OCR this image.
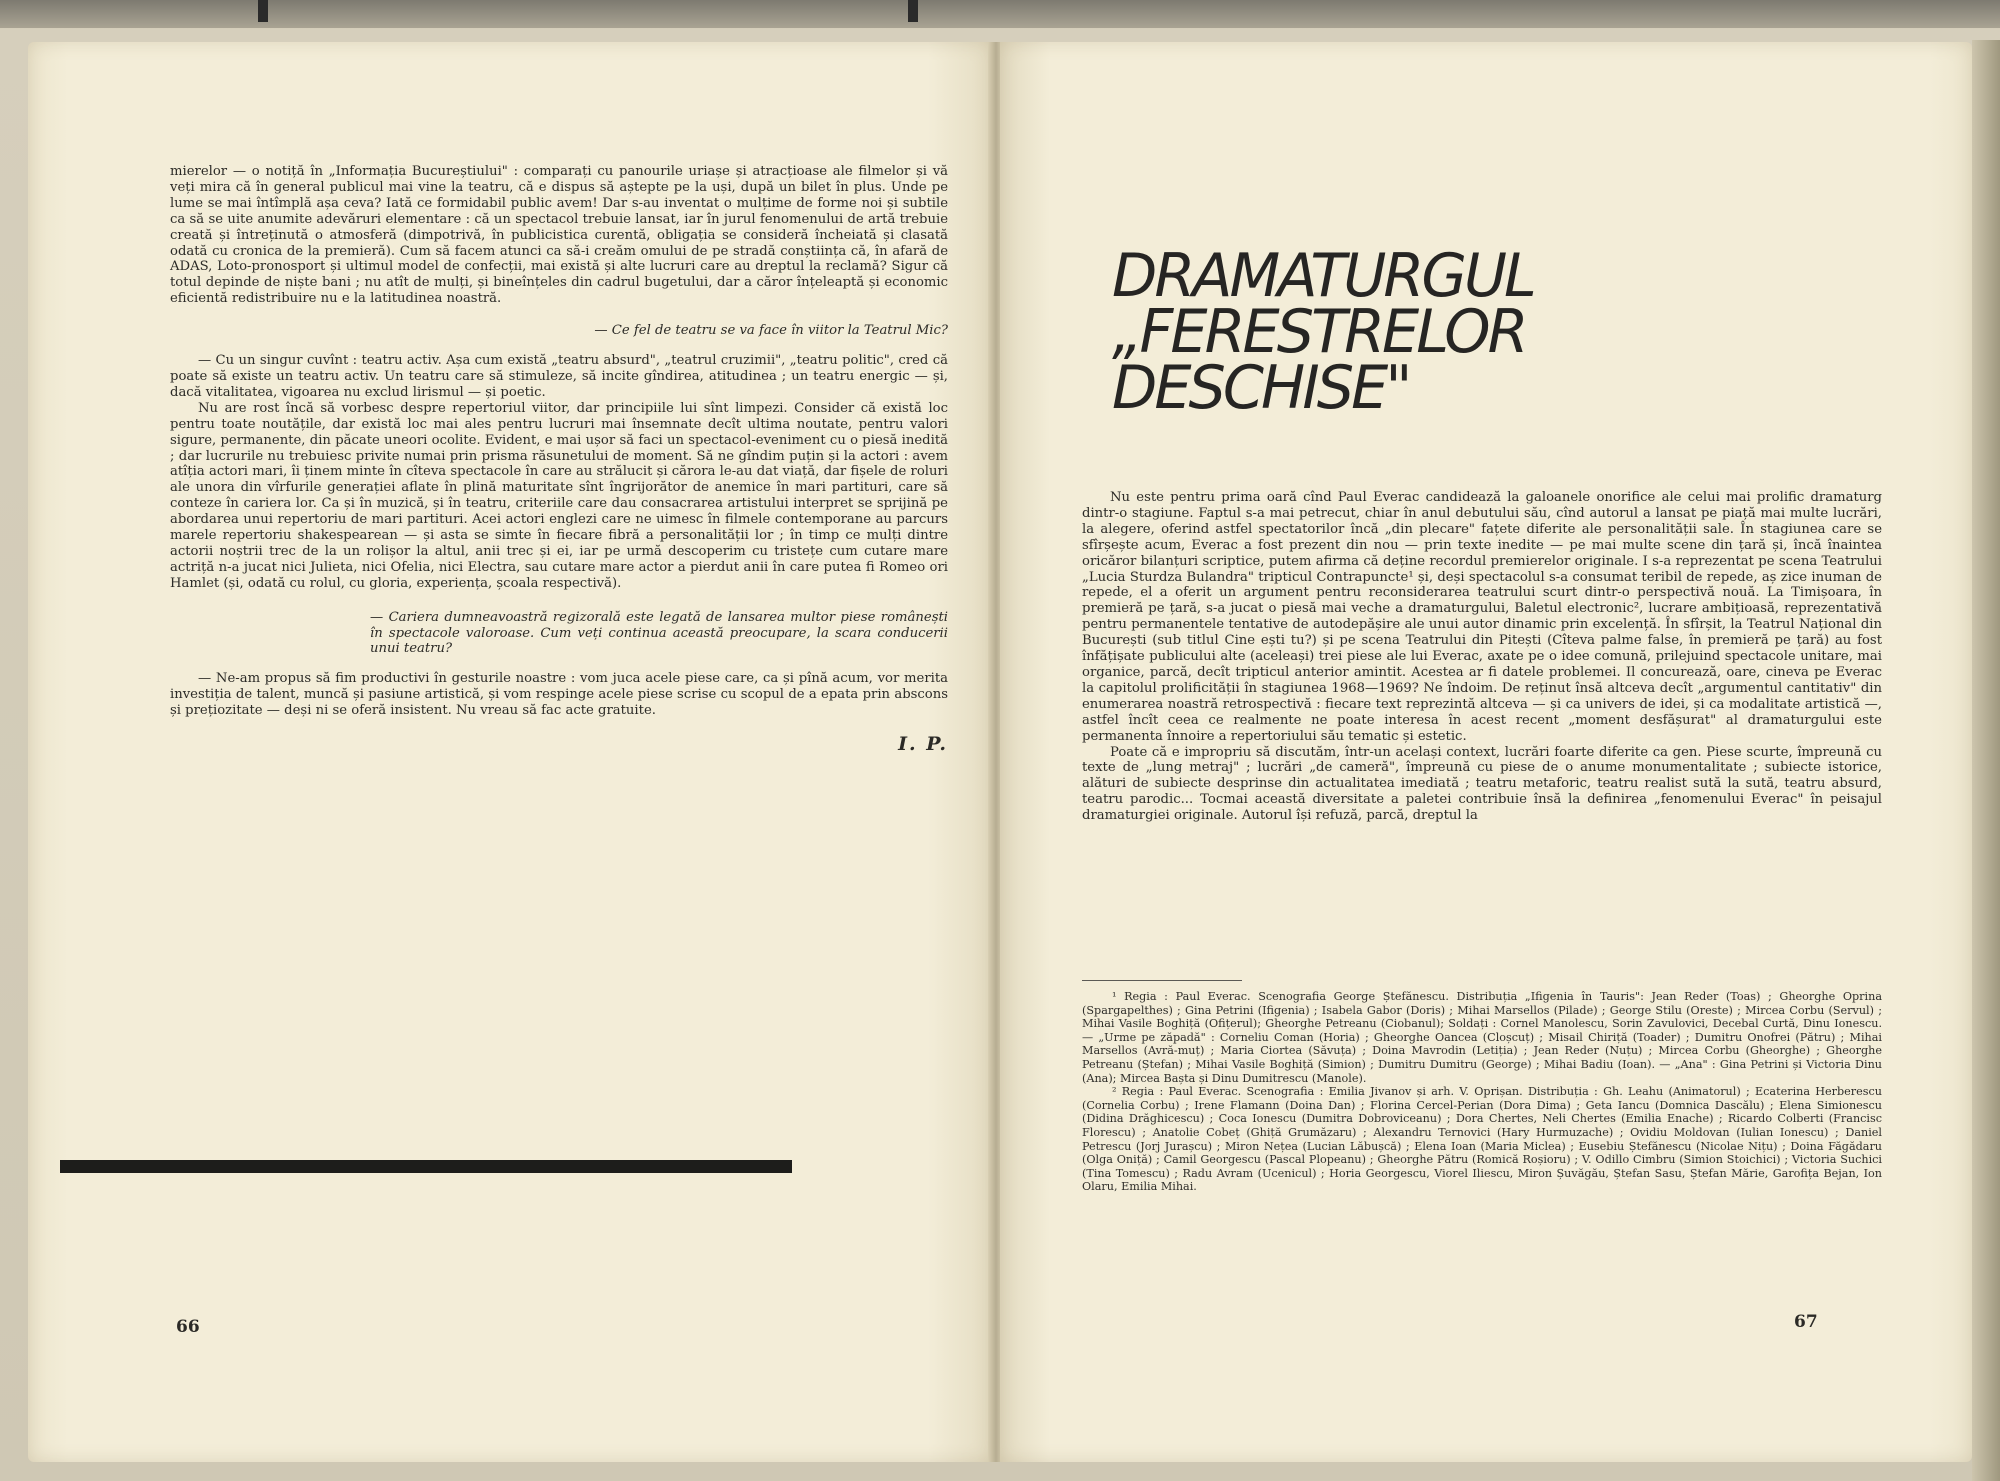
mierelor — o notiță în „Informația Bucureștiului" : comparați cu panourile uriașe și atracțioase ale filmelor și vă veți mira că în general publicul mai vine la teatru, că e dispus să aștepte pe la uși, după un bilet în plus. Unde pe lume se mai întîmplă așa ceva? Iată ce formidabil public avem! Dar s-au inventat o mulțime de forme noi și subtile ca să se uite anumite adevăruri elementare : că un spectacol trebuie lansat, iar în jurul fenomenului de artă trebuie creată și întreținută o atmosferă (dimpotrivă, în publicistica curentă, obligația se consideră încheiată și clasată odată cu cronica de la premieră). Cum să facem atunci ca să-i creăm omului de pe stradă conștiința că, în afară de ADAS, Loto-pronosport și ultimul model de confecții, mai există și alte lucruri care au dreptul la reclamă? Sigur că totul depinde de niște bani ; nu atît de mulți, și bineînțeles din cadrul bugetului, dar a căror înțeleaptă și economic eficientă redistribuire nu e la latitudinea noastră.

— Ce fel de teatru se va face în viitor la Teatrul Mic?

— Cu un singur cuvînt : teatru activ. Așa cum există „teatru absurd", „teatrul cruzimii", „teatru politic", cred că poate să existe un teatru activ. Un teatru care să stimuleze, să incite gîndirea, atitudinea ; un teatru energic — și, dacă vitalitatea, vigoarea nu exclud lirismul — și poetic.

Nu are rost încă să vorbesc despre repertoriul viitor, dar principiile lui sînt limpezi. Consider că există loc pentru toate noutățile, dar există loc mai ales pentru lucruri mai însemnate decît ultima noutate, pentru valori sigure, permanente, din păcate uneori ocolite. Evident, e mai ușor să faci un spectacol-eveniment cu o piesă inedită ; dar lucrurile nu trebuiesc privite numai prin prisma răsunetului de moment. Să ne gîndim puțin și la actori : avem atîția actori mari, îi ținem minte în cîteva spectacole în care au strălucit și cărora le-au dat viață, dar fișele de roluri ale unora din vîrfurile generației aflate în plină maturitate sînt îngrijorător de anemice în mari partituri, care să conteze în cariera lor. Ca și în muzică, și în teatru, criteriile care dau consacrarea artistului interpret se sprijină pe abordarea unui repertoriu de mari partituri. Acei actori englezi care ne uimesc în filmele contemporane au parcurs marele repertoriu shakespearean — și asta se simte în fiecare fibră a personalității lor ; în timp ce mulți dintre actorii noștrii trec de la un rolișor la altul, anii trec și ei, iar pe urmă descoperim cu tristețe cum cutare mare actriță n-a jucat nici Julieta, nici Ofelia, nici Electra, sau cutare mare actor a pierdut anii în care putea fi Romeo ori Hamlet (și, odată cu rolul, cu gloria, experiența, școala respectivă).

— Cariera dumneavoastră regizorală este legată de lansarea multor piese românești în spectacole valoroase. Cum veți continua această preocupare, la scara conducerii unui teatru?

— Ne-am propus să fim productivi în gesturile noastre : vom juca acele piese care, ca și pînă acum, vor merita investiția de talent, muncă și pasiune artistică, și vom respinge acele piese scrise cu scopul de a epata prin abscons și prețiozitate — deși ni se oferă insistent. Nu vreau să fac acte gratuite.

I. P.
66	67
DRAMATURGUL
„FERESTRELOR
DESCHISE"

Nu este pentru prima oară cînd Paul Everac candidează la galoanele onorifice ale celui mai prolific dramaturg dintr-o stagiune. Faptul s-a mai petrecut, chiar în anul debutului său, cînd autorul a lansat pe piață mai multe lucrări, la alegere, oferind astfel spectatorilor încă „din plecare" fațete diferite ale personalității sale. În stagiunea care se sfîrșește acum, Everac a fost prezent din nou — prin texte inedite — pe mai multe scene din țară și, încă înaintea oricăror bilanțuri scriptice, putem afirma că deține recordul premierelor originale. I s-a reprezentat pe scena Teatrului „Lucia Sturdza Bulandra" tripticul Contrapuncte¹ și, deși spectacolul s-a consumat teribil de repede, aș zice inuman de repede, el a oferit un argument pentru reconsiderarea teatrului scurt dintr-o perspectivă nouă. La Timișoara, în premieră pe țară, s-a jucat o piesă mai veche a dramaturgului, Baletul electronic², lucrare ambițioasă, reprezentativă pentru permanentele tentative de autodepășire ale unui autor dinamic prin excelență. În sfîrșit, la Teatrul Național din București (sub titlul Cine ești tu?) și pe scena Teatrului din Pitești (Cîteva palme false, în premieră pe țară) au fost înfățișate publicului alte (aceleași) trei piese ale lui Everac, axate pe o idee comună, prilejuind spectacole unitare, mai organice, parcă, decît tripticul anterior amintit. Acestea ar fi datele problemei. Il concurează, oare, cineva pe Everac la capitolul prolificității în stagiunea 1968—1969? Ne îndoim. De reținut însă altceva decît „argumentul cantitativ" din enumerarea noastră retrospectivă : fiecare text reprezintă altceva — și ca univers de idei, și ca modalitate artistică —, astfel încît ceea ce realmente ne poate interesa în acest recent „moment desfășurat" al dramaturgului este permanenta înnoire a repertoriului său tematic și estetic.

Poate că e impropriu să discutăm, într-un același context, lucrări foarte diferite ca gen. Piese scurte, împreună cu texte de „lung metraj" ; lucrări „de cameră", împreună cu piese de o anume monumentalitate ; subiecte istorice, alături de subiecte desprinse din actualitatea imediată ; teatru metaforic, teatru realist sută la sută, teatru absurd, teatru parodic... Tocmai această diversitate a paletei contribuie însă la definirea „fenomenului Everac" în peisajul dramaturgiei originale. Autorul își refuză, parcă, dreptul la

¹ Regia : Paul Everac. Scenografia George Ștefănescu. Distribuția „Ifigenia în Tauris": Jean Reder (Toas) ; Gheorghe Oprina (Spargapelthes) ; Gina Petrini (Ifigenia) ; Isabela Gabor (Doris) ; Mihai Marsellos (Pilade) ; George Stilu (Oreste) ; Mircea Corbu (Servul) ; Mihai Vasile Boghiță (Ofițerul); Gheorghe Petreanu (Ciobanul); Soldați : Cornel Manolescu, Sorin Zavulovici, Decebal Curtă, Dinu Ionescu. — „Urme pe zăpadă" : Corneliu Coman (Horia) ; Gheorghe Oancea (Cloșcuț) ; Misail Chiriță (Toader) ; Dumitru Onofrei (Pătru) ; Mihai Marsellos (Avră-muț) ; Maria Ciortea (Săvuța) ; Doina Mavrodin (Letiția) ; Jean Reder (Nuțu) ; Mircea Corbu (Gheorghe) ; Gheorghe Petreanu (Ștefan) ; Mihai Vasile Boghiță (Simion) ; Dumitru Dumitru (George) ; Mihai Badiu (Ioan). — „Ana" : Gina Petrini și Victoria Dinu (Ana); Mircea Bașta și Dinu Dumitrescu (Manole).

² Regia : Paul Everac. Scenografia : Emilia Jivanov și arh. V. Oprișan. Distribuția : Gh. Leahu (Animatorul) ; Ecaterina Herberescu (Cornelia Corbu) ; Irene Flamann (Doina Dan) ; Florina Cercel-Perian (Dora Dima) ; Geta Iancu (Domnica Dascălu) ; Elena Simionescu (Didina Drăghicescu) ; Coca Ionescu (Dumitra Dobroviceanu) ; Dora Chertes, Neli Chertes (Emilia Enache) ; Ricardo Colberti (Francisc Florescu) ; Anatolie Cobeț (Ghiță Grumăzaru) ; Alexandru Ternovici (Hary Hurmuzache) ; Ovidiu Moldovan (Iulian Ionescu) ; Daniel Petrescu (Jorj Jurașcu) ; Miron Nețea (Lucian Lăbușcă) ; Elena Ioan (Maria Miclea) ; Eusebiu Ștefănescu (Nicolae Nițu) ; Doina Făgădaru (Olga Oniță) ; Camil Georgescu (Pascal Plopeanu) ; Gheorghe Pătru (Romică Roșioru) ; V. Odillo Cimbru (Simion Stoichici) ; Victoria Suchici (Tina Tomescu) ; Radu Avram (Ucenicul) ; Horia Georgescu, Viorel Iliescu, Miron Șuvăgău, Ștefan Sasu, Ștefan Mărie, Garofița Bejan, Ion Olaru, Emilia Mihai.
